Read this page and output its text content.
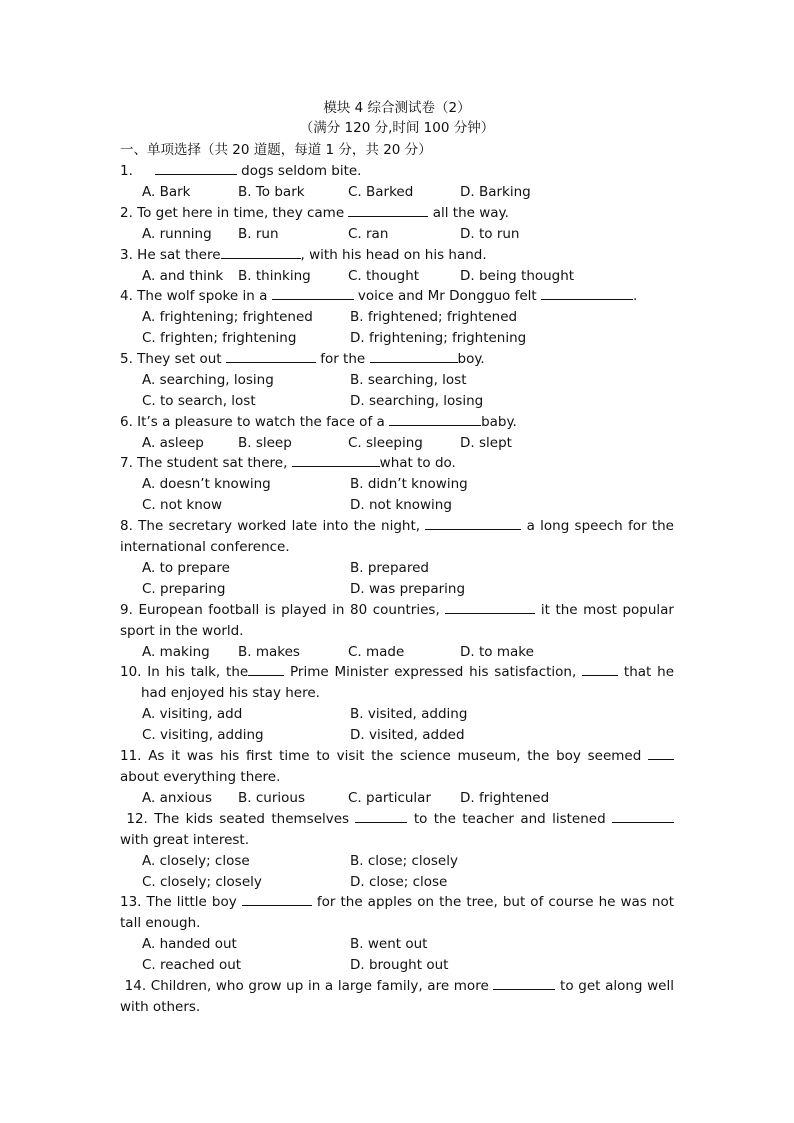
模块 4 综合测试卷（2）
（满分 120 分,时间 100 分钟）
一、单项选择（共 20 道题，每道 1 分，共 20 分）
1.	dogs seldom bite.
A. Bark	B. To bark	C. Barked	D. Barking
2. To get here in time, they came	all the way.
A. running B. run	C. ran	D. to run
3. He sat there	, with his head on his hand.
A. and think B. thinking	C. thought	D. being thought
4. The wolf spoke in a	voice and Mr Dongguo felt	.
A. frightening; frightened	B. frightened; frightened
C. frighten; frightening	D. frightening; frightening
5. They set out	for the	boy.
A. searching, losing	B. searching, lost
C. to search, lost	D. searching, losing
6. It’s a pleasure to watch the face of a	baby.
A. asleep	B. sleep	C. sleeping	D. slept
7. The student sat there,	what to do.
A. doesn’t knowing	B. didn’t knowing
C. not know	D. not knowing
8. The secretary worked late into the night,	a long speech for the international conference.
A. to prepare	B. prepared
C. preparing	D. was preparing
9. European football is played in 80 countries,	it the most popular sport in the world.
A. making B. makes	C. made	D. to make
10. In his talk, the	Prime Minister expressed his satisfaction,	that he had enjoyed his stay here.
A. visiting, add	B. visited, adding
C. visiting, adding	D. visited, added
11. As it was his first time to visit the science museum, the boy seemed about everything there.
A. anxious B. curious	C. particular D. frightened
12. The kids seated themselves	to the teacher and listened  with great interest.
A. closely; close	B. close; closely
C. closely; closely	D. close; close
13. The little boy	for the apples on the tree, but of course he was not tall enough.
A. handed out	B. went out
C. reached out	D. brought out
14. Children, who grow up in a large family, are more	to get along well with others.
